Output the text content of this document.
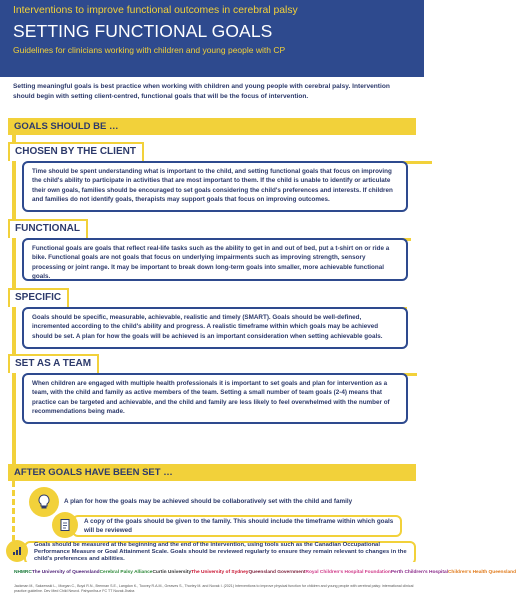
Interventions to improve functional outcomes in cerebral palsy
SETTING FUNCTIONAL GOALS
Guidelines for clinicians working with children and young people with CP
Setting meaningful goals is best practice when working with children and young people with cerebral palsy. Intervention should begin with setting client-centred, functional goals that will be the focus of intervention.
GOALS SHOULD BE …
CHOSEN BY THE CLIENT
Time should be spent understanding what is important to the child, and setting functional goals that focus on improving the child's ability to participate in activities that are most important to them. If the child is unable to identify or articulate their own goals, families should be encouraged to set goals considering the child's preferences and interests. If children and families do not identify goals, therapists may support goals that focus on improving outcomes.
FUNCTIONAL
Functional goals are goals that reflect real-life tasks such as the ability to get in and out of bed, put a t-shirt on or ride a bike. Functional goals are not goals that focus on underlying impairments such as improving strength, sensory processing or joint range. It may be important to break down long-term goals into smaller, more achievable functional goals.
SPECIFIC
Goals should be specific, measurable, achievable, realistic and timely (SMART). Goals should be well-defined, incremented according to the child's ability and progress. A realistic timeframe within which goals may be achieved should be set. A plan for how the goals will be achieved is an important consideration when setting achievable goals.
SET AS A TEAM
When children are engaged with multiple health professionals it is important to set goals and plan for intervention as a team, with the child and family as active members of the team. Setting a small number of team goals (2-4) means that practice can be targeted and achievable, and the child and family are less likely to feel overwhelmed with the number of recommendations being made.
AFTER GOALS HAVE BEEN SET …
A plan for how the goals may be achieved should be collaboratively set with the child and family
A copy of the goals should be given to the family. This should include the timeframe within which goals will be reviewed
Goals should be measured at the beginning and the end of the intervention, using tools such as the Canadian Occupational Performance Measure or Goal Attainment Scale. Goals should be reviewed regularly to ensure they remain relevant to changes in the child's preferences and abilities.
NHMRC The University of Queensland Cerebral Palsy Alliance Curtin University The University of Sydney Queensland Government Royal Children's Hospital Foundation Perth Children's Hospital Children's Health Queensland
Jackman M., Sakzewski L., Morgan C., Boyd R.N., Brennan S.E., Langdon K., Toovey R.A.M., Greaves S., Thorley M. and Novak I. (2021) Interventions to improve physical function for children and young people with cerebral palsy: international clinical practice guideline. Dev Med Child Neurol. Pahyoniha-e FC TT Novak Jbaba
